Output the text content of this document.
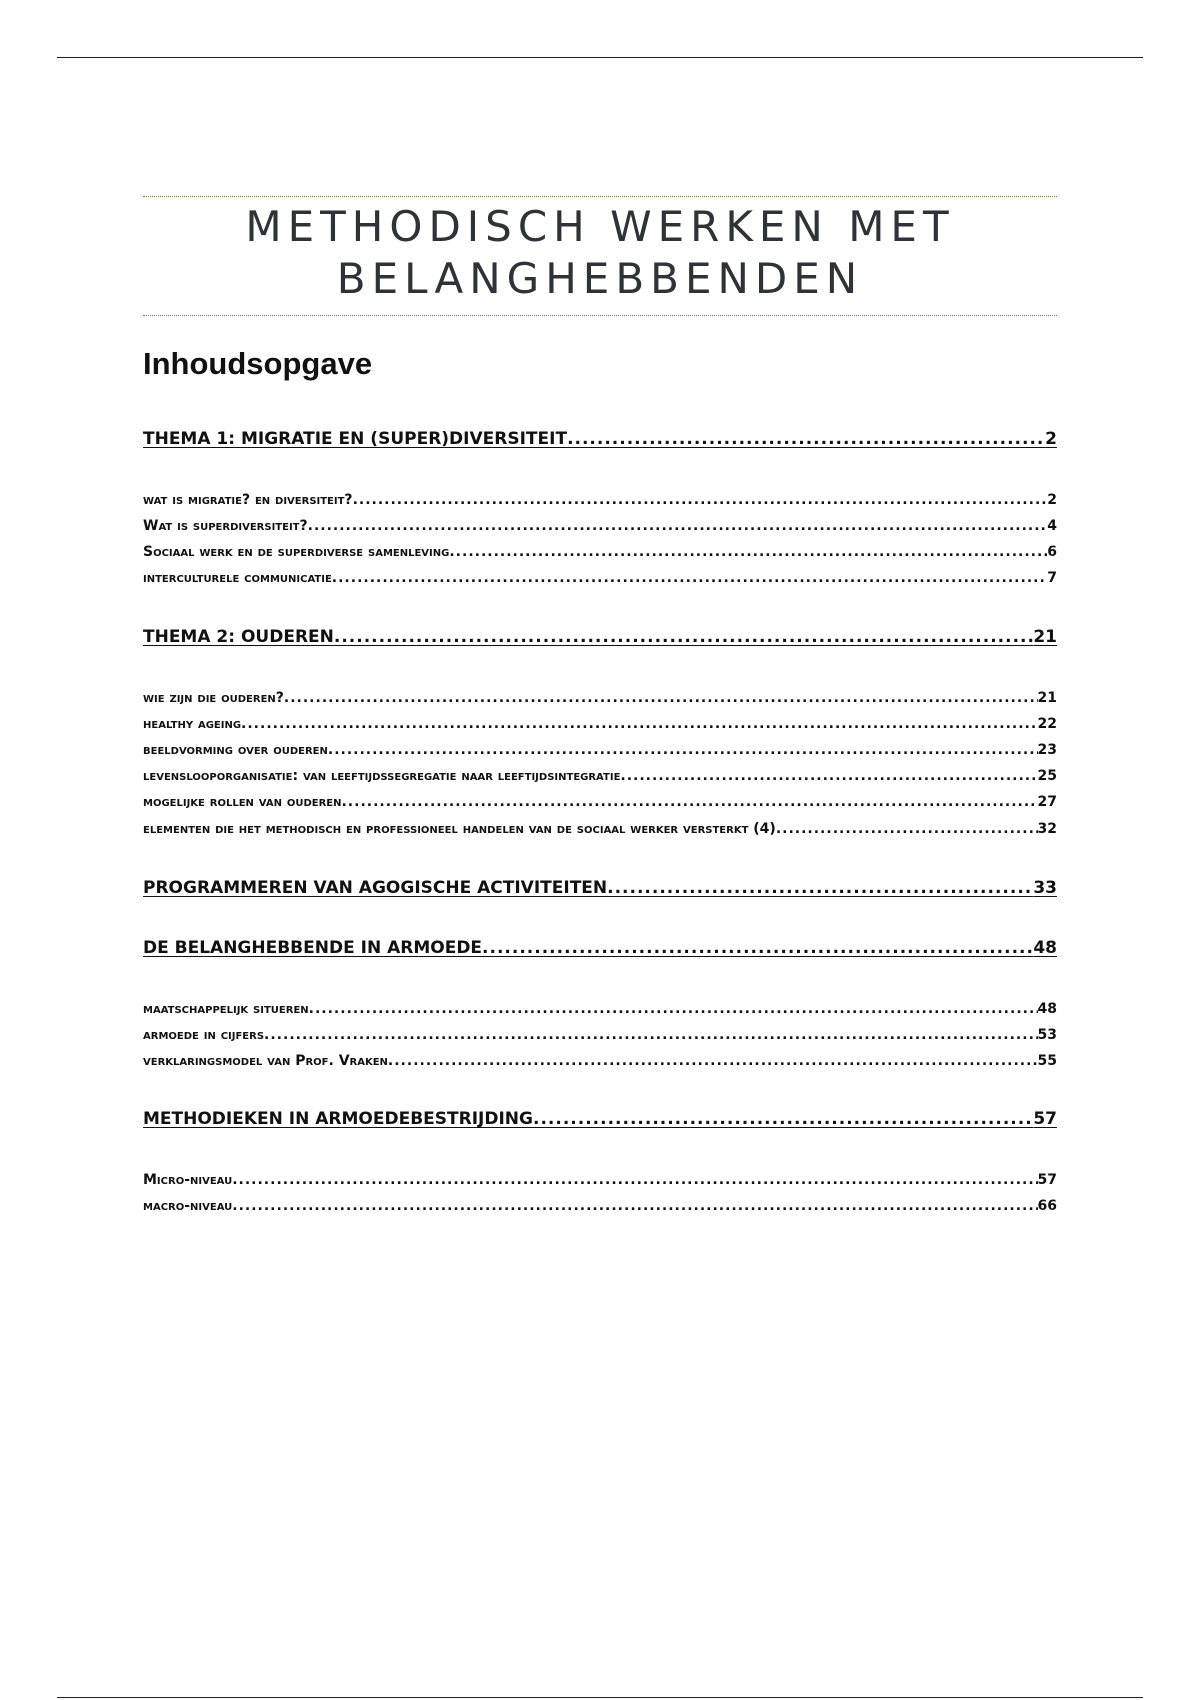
METHODISCH WERKEN MET
BELANGHEBBENDEN
Inhoudsopgave
THEMA 1: MIGRATIE EN (SUPER)DIVERSITEIT .....	2
wat is migratie? en diversiteit? .....	2
Wat is superdiversiteit? .....	4
Sociaal werk en de superdiverse samenleving .....	6
interculturele communicatie .....	7
THEMA 2: OUDEREN .....	21
wie zijn die ouderen? .....	21
healthy ageing .....	22
beeldvorming over ouderen .....	23
levenslooporganisatie: van leeftijdssegregatie naar leeftijdsintegratie .....	25
mogelijke rollen van ouderen .....	27
elementen die het methodisch en professioneel handelen van de sociaal werker versterkt (4) .....	32
PROGRAMMEREN VAN AGOGISCHE ACTIVITEITEN .....	33
DE BELANGHEBBENDE IN ARMOEDE .....	48
maatschappelijk situeren .....	48
armoede in cijfers .....	53
verklaringsmodel van Prof. Vraken .....	55
METHODIEKEN IN ARMOEDEBESTRIJDING .....	57
Micro-niveau .....	57
macro-niveau .....	66
